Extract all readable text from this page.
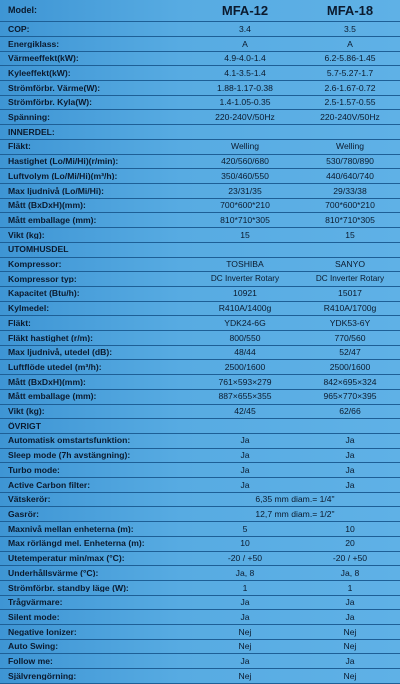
Model:	MFA-12	MFA-18
COP:	3.4	3.5
Energiklass:	A	A
Värmeeffekt(kW):	4.9-4.0-1.4	6.2-5.86-1.45
Kyleeffekt(kW):	4.1-3.5-1.4	5.7-5.27-1.7
Strömförbr. Värme(W):	1.88-1.17-0.38	2.6-1.67-0.72
Strömförbr. Kyla(W):	1.4-1.05-0.35	2.5-1.57-0.55
Spänning:	220-240V/50Hz	220-240V/50Hz
INNERDEL:
Fläkt:	Welling	Welling
Hastighet (Lo/Mi/Hi)(r/min):	420/560/680	530/780/890
Luftvolym (Lo/Mi/Hi)(m³/h):	350/460/550	440/640/740
Max ljudnivå (Lo/Mi/Hi):	23/31/35	29/33/38
Mått (BxDxH)(mm):	700*600*210	700*600*210
Mått emballage (mm):	810*710*305	810*710*305
Vikt (kg):	15	15
UTOMHUSDEL
Kompressor:	TOSHIBA	SANYO
Kompressor typ:	DC Inverter Rotary	DC Inverter Rotary
Kapacitet (Btu/h):	10921	15017
Kylmedel:	R410A/1400g	R410A/1700g
Fläkt:	YDK24-6G	YDK53-6Y
Fläkt hastighet (r/m):	800/550	770/560
Max ljudnivå, utedel (dB):	48/44	52/47
Luftflöde utedel (m³/h):	2500/1600	2500/1600
Mått (BxDxH)(mm):	761×593×279	842×695×324
Mått emballage (mm):	887×655×355	965×770×395
Vikt (kg):	42/45	62/66
ÖVRIGT
Automatisk omstartsfunktion:	Ja	Ja
Sleep mode (7h avstängning):	Ja	Ja
Turbo mode:	Ja	Ja
Active Carbon filter:	Ja	Ja
Vätskerör:	6,35 mm diam.= 1/4"
Gasrör:	12,7 mm diam.= 1/2"
Maxnivå mellan enheterna (m):	5	10
Max rörlängd mel. Enheterna (m):	10	20
Utetemperatur min/max (°C):	-20 / +50	-20 / +50
Underhållsvärme (°C):	Ja, 8	Ja, 8
Strömförbr. standby läge (W):	1	1
Trågvärmare:	Ja	Ja
Silent mode:	Ja	Ja
Negative Ionizer:	Nej	Nej
Auto Swing:	Nej	Nej
Follow me:	Ja	Ja
Självrengörning:	Nej	Nej
